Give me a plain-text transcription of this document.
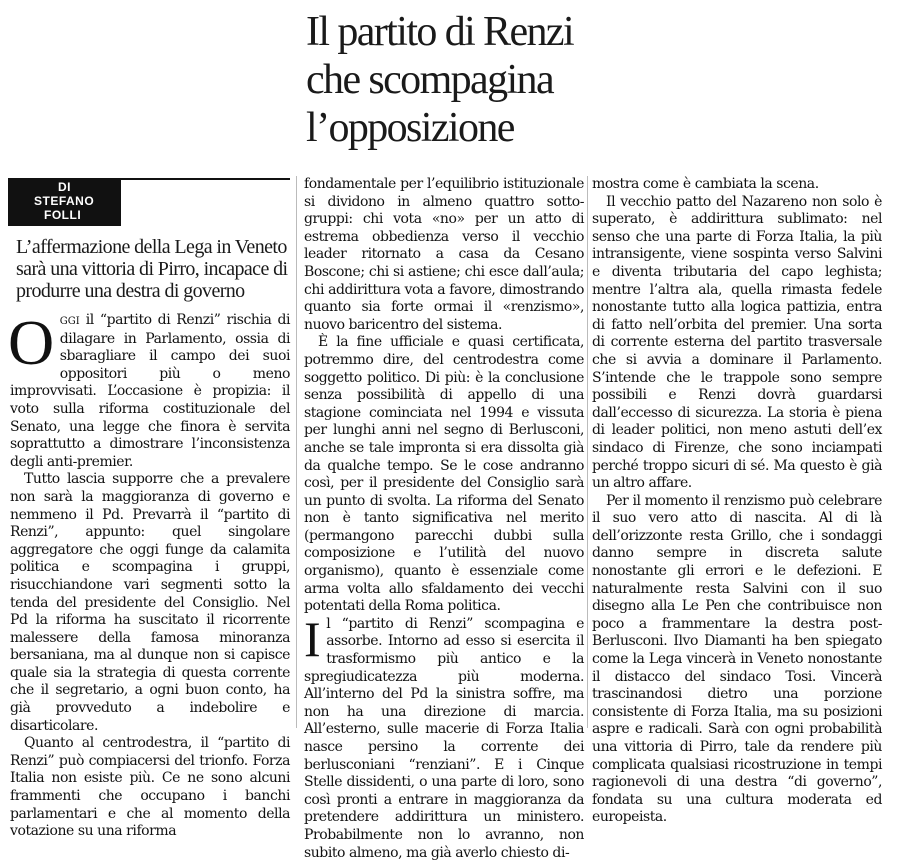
Il partito di Renzi
che scompagina
l’opposizione
DI
STEFANO
FOLLI
L’affermazione della Lega in Veneto
sarà una vittoria di Pirro, incapace di
produrre una destra di governo

OGGI il “partito di Renzi” rischia di dilagare in Parlamento, ossia di sbaragliare il campo dei suoi oppositori più o meno improvvisati. L’occasione è propizia: il voto sulla riforma costituzionale del Senato, una legge che finora è servita soprattutto a dimostrare l’inconsistenza degli anti-premier.

Tutto lascia supporre che a prevalere non sarà la maggioranza di governo e nemmeno il Pd. Prevarrà il “partito di Renzi”, appunto: quel singolare aggregatore che oggi funge da calamita politica e scompagina i gruppi, risucchiandone vari segmenti sotto la tenda del presidente del Consiglio. Nel Pd la riforma ha suscitato il ricorrente malessere della famosa minoranza bersaniana, ma al dunque non si capisce quale sia la strategia di questa corrente che il segretario, a ogni buon conto, ha già provveduto a indebolire e disarticolare.

Quanto al centrodestra, il “partito di Renzi” può compiacersi del trionfo. Forza Italia non esiste più. Ce ne sono alcuni frammenti che occupano i banchi parlamentari e che al momento della votazione su una riforma

fondamentale per l’equilibrio istituzionale si dividono in almeno quattro sotto-gruppi: chi vota «no» per un atto di estrema obbedienza verso il vecchio leader ritornato a casa da Cesano Boscone; chi si astiene; chi esce dall’aula; chi addirittura vota a favore, dimostrando quanto sia forte ormai il «renzismo», nuovo baricentro del sistema.

È la fine ufficiale e quasi certificata, potremmo dire, del centrodestra come soggetto politico. Di più: è la conclusione senza possibilità di appello di una stagione cominciata nel 1994 e vissuta per lunghi anni nel segno di Berlusconi, anche se tale impronta si era dissolta già da qualche tempo. Se le cose andranno così, per il presidente del Consiglio sarà un punto di svolta. La riforma del Senato non è tanto significativa nel merito (permangono parecchi dubbi sulla composizione e l’utilità del nuovo organismo), quanto è essenziale come arma volta allo sfaldamento dei vecchi potentati della Roma politica.

Il “partito di Renzi” scompagina e assorbe. Intorno ad esso si esercita il trasformismo più antico e la spregiudicatezza più moderna. All’interno del Pd la sinistra soffre, ma non ha una direzione di marcia. All’esterno, sulle macerie di Forza Italia nasce persino la corrente dei berlusconiani “renziani”. E i Cinque Stelle dissidenti, o una parte di loro, sono così pronti a entrare in maggioranza da pretendere addirittura un ministero. Probabilmente non lo avranno, non subito almeno, ma già averlo chiesto di-

mostra come è cambiata la scena.

Il vecchio patto del Nazareno non solo è superato, è addirittura sublimato: nel senso che una parte di Forza Italia, la più intransigente, viene sospinta verso Salvini e diventa tributaria del capo leghista; mentre l’altra ala, quella rimasta fedele nonostante tutto alla logica pattizia, entra di fatto nell’orbita del premier. Una sorta di corrente esterna del partito trasversale che si avvia a dominare il Parlamento. S’intende che le trappole sono sempre possibili e Renzi dovrà guardarsi dall’eccesso di sicurezza. La storia è piena di leader politici, non meno astuti dell’ex sindaco di Firenze, che sono inciampati perché troppo sicuri di sé. Ma questo è già un altro affare.

Per il momento il renzismo può celebrare il suo vero atto di nascita. Al di là dell’orizzonte resta Grillo, che i sondaggi danno sempre in discreta salute nonostante gli errori e le defezioni. E naturalmente resta Salvini con il suo disegno alla Le Pen che contribuisce non poco a frammentare la destra post-Berlusconi. Ilvo Diamanti ha ben spiegato come la Lega vincerà in Veneto nonostante il distacco del sindaco Tosi. Vincerà trascinandosi dietro una porzione consistente di Forza Italia, ma su posizioni aspre e radicali. Sarà con ogni probabilità una vittoria di Pirro, tale da rendere più complicata qualsiasi ricostruzione in tempi ragionevoli di una destra “di governo”, fondata su una cultura moderata ed europeista.
